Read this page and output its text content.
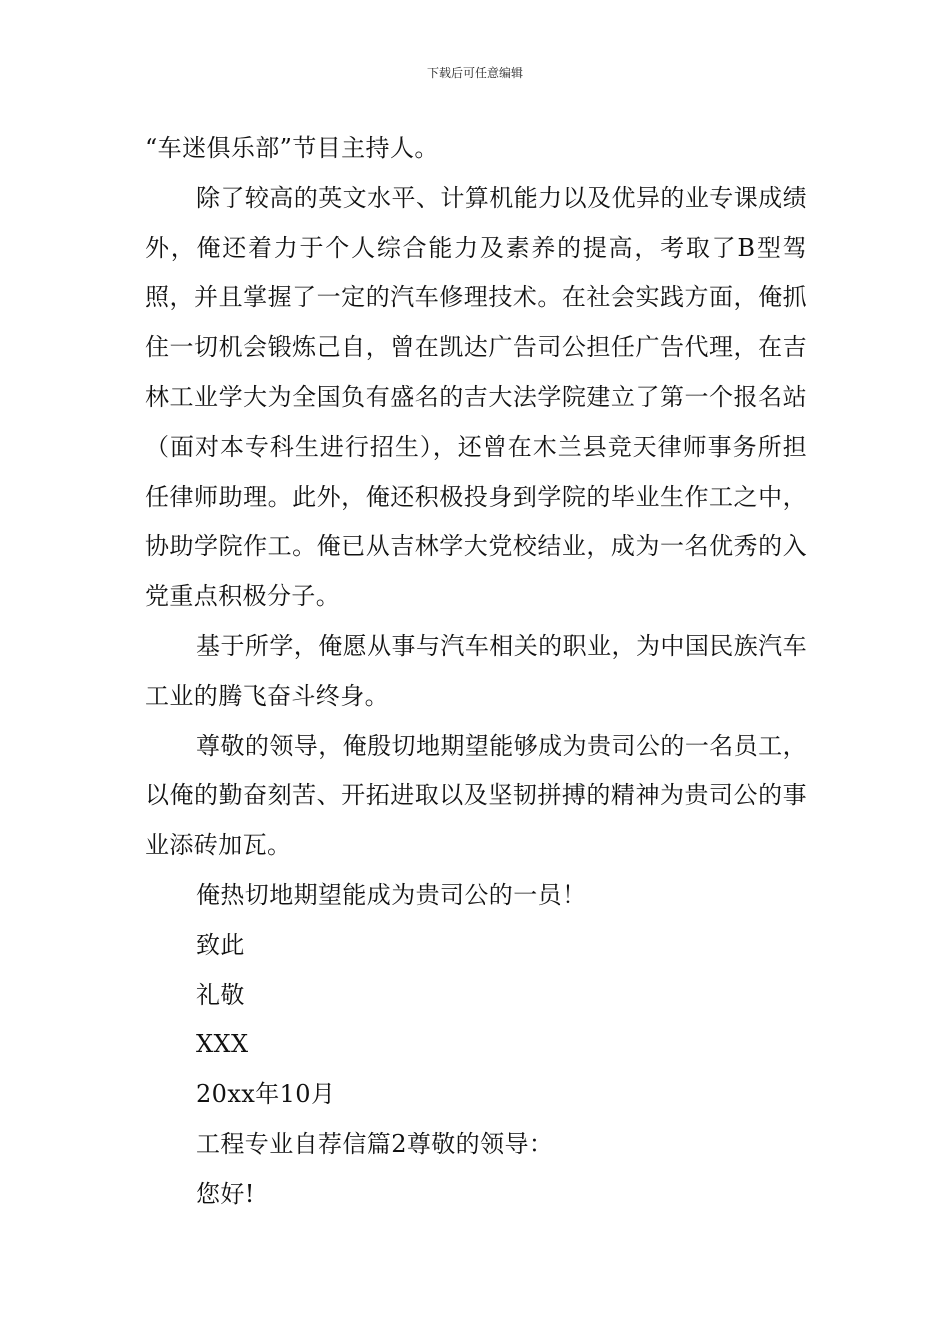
下载后可任意编辑

“车迷俱乐部”节目主持人。

除了较高的英文水平、计算机能力以及优异的业专课成绩外，俺还着力于个人综合能力及素养的提高，考取了B型驾照，并且掌握了一定的汽车修理技术。在社会实践方面，俺抓住一切机会锻炼己自，曾在凯达广告司公担任广告代理，在吉林工业学大为全国负有盛名的吉大法学院建立了第一个报名站（面对本专科生进行招生），还曾在木兰县竞天律师事务所担任律师助理。此外，俺还积极投身到学院的毕业生作工之中，协助学院作工。俺已从吉林学大党校结业，成为一名优秀的入党重点积极分子。

基于所学，俺愿从事与汽车相关的职业，为中国民族汽车工业的腾飞奋斗终身。

尊敬的领导，俺殷切地期望能够成为贵司公的一名员工，以俺的勤奋刻苦、开拓进取以及坚韧拼搏的精神为贵司公的事业添砖加瓦。

俺热切地期望能成为贵司公的一员！

致此

礼敬

XXX

20xx年10月

工程专业自荐信篇2尊敬的领导：

您好!
